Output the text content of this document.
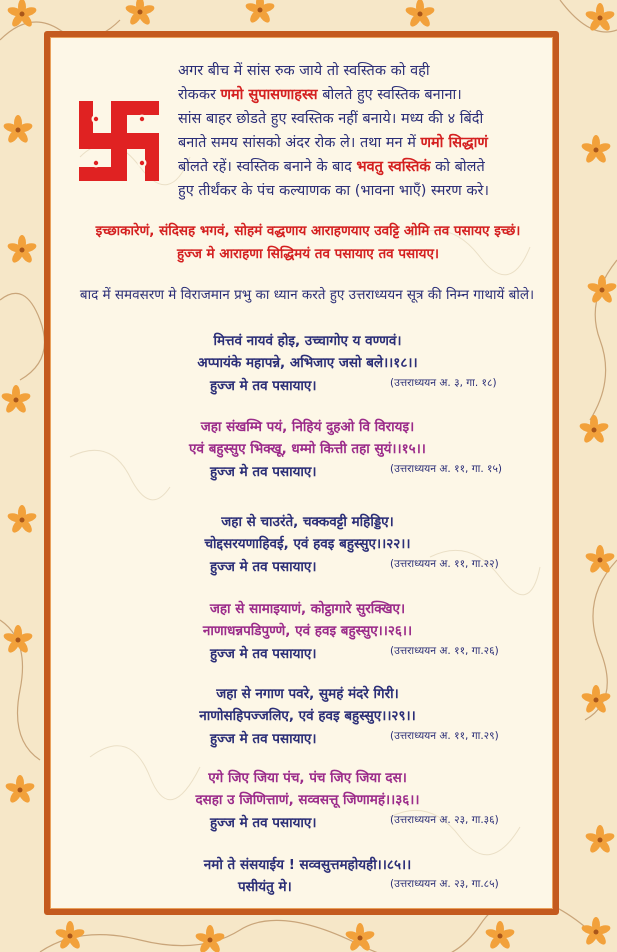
अगर बीच में सांस रुक जाये तो स्वस्तिक को वही
रोककर णमो सुपासणाहस्स बोलते हुए स्वस्तिक बनाना।
सांस बाहर छोडते हुए स्वस्तिक नहीं बनाये। मध्य की ४ बिंदी
बनाते समय सांसको अंदर रोक ले। तथा मन में णमो सिद्धाणं
बोलते रहें। स्वस्तिक बनाने के बाद भवतु स्वस्तिकं को बोलते
हुए तीर्थंकर के पंच कल्याणक का (भावना भाएँ) स्मरण करे।
इच्छाकारेणं, संदिसह भगवं, सोहमं वद्धणाय आराहणयाए उवट्टि ओमि तव पसायए इच्छं।
हुज्ज मे आराहणा सिद्धिमयं तव पसायाए तव पसायए।
बाद में समवसरण मे विराजमान प्रभु का ध्यान करते हुए उत्तराध्ययन सूत्र की निम्न गाथायें बोले।
मित्तवं नायवं होइ, उच्चागोए य वण्णवं।
अप्पायंके महापन्ने, अभिजाए जसो बले।।१८।।
हुज्ज मे तव पसायाए।	(उत्तराध्ययन अ. ३, गा. १८)
जहा संखम्मि पयं, निहियं दुहओ वि विरायइ।
एवं बहुस्सुए भिक्खू, धम्मो कित्ती तहा सुयं।।१५।।
हुज्ज मे तव पसायाए।	(उत्तराध्ययन अ. ११, गा. १५)
जहा से चाउरंते, चक्कवट्टी महिड्डिए।
चोद्दसरयणाहिवई, एवं हवइ बहुस्सुए।।२२।।
हुज्ज मे तव पसायाए।	(उत्तराध्ययन अ. ११, गा.२२)
जहा से सामाइयाणं, कोट्ठागारे सुरक्खिए।
नाणाधन्नपडिपुण्णे, एवं हवइ बहुस्सुए।।२६।।
हुज्ज मे तव पसायाए।	(उत्तराध्ययन अ. ११, गा.२६)
जहा से नगाण पवरे, सुमहं मंदरे गिरी।
नाणोसहिपज्जलिए, एवं हवइ बहुस्सुए।।२९।।
हुज्ज मे तव पसायाए।	(उत्तराध्ययन अ. ११, गा.२९)
एगे जिए जिया पंच, पंच जिए जिया दस।
दसहा उ जिणित्ताणं, सव्वसत्तू जिणामहं।।३६।।
हुज्ज मे तव पसायाए।	(उत्तराध्ययन अ. २३, गा.३६)
नमो ते संसयाईय ! सव्वसुत्तमहोयही।।८५।।
पसीयंतु मे।	(उत्तराध्ययन अ. २३, गा.८५)
